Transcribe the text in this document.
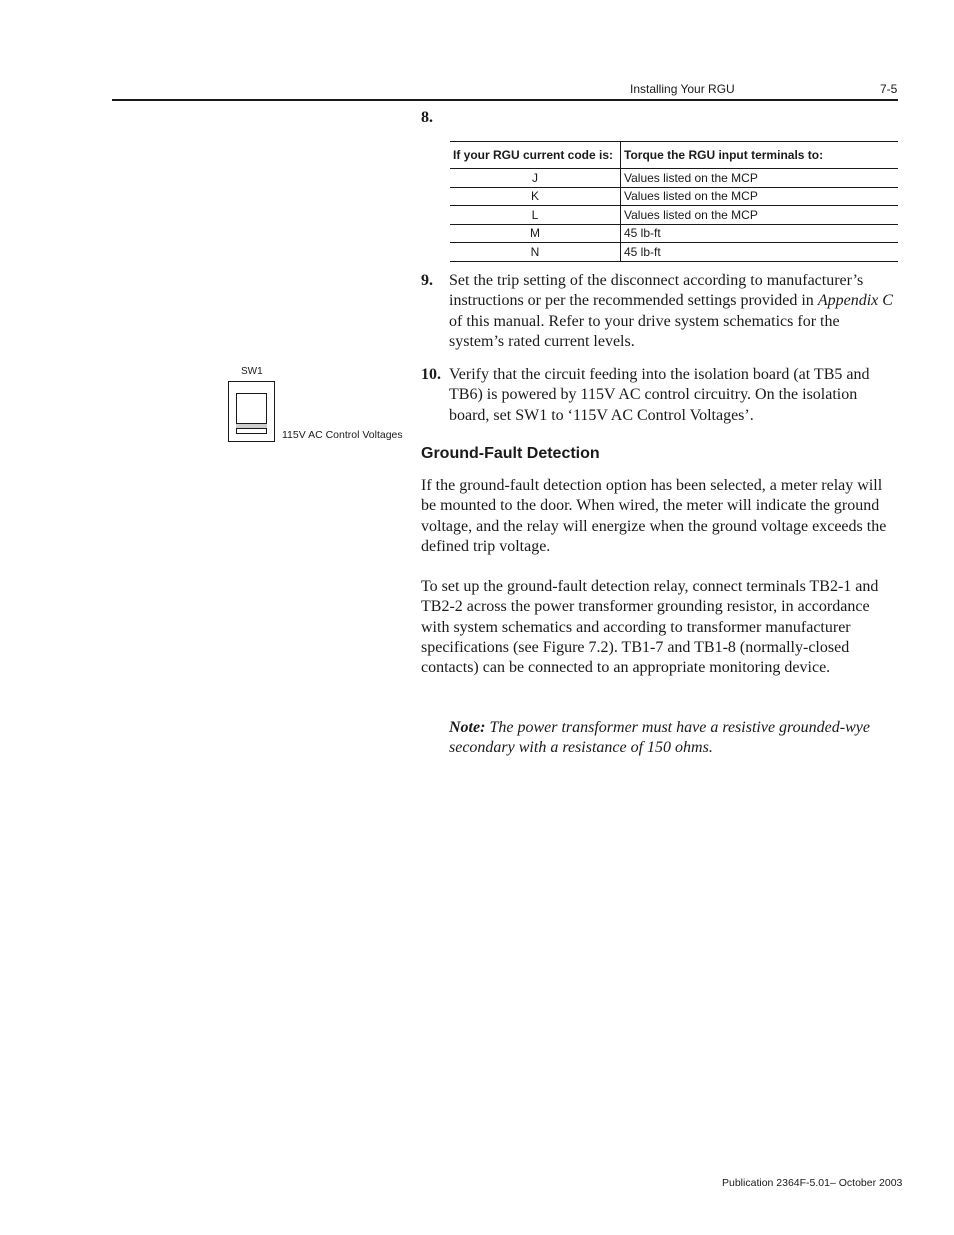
Installing Your RGU	7-5
8.
If your RGU current code is:	Torque the RGU input terminals to:
J	Values listed on the MCP
K	Values listed on the MCP
L	Values listed on the MCP
M	45 lb-ft
N	45 lb-ft
9. Set the trip setting of the disconnect according to manufacturer’s instructions or per the recommended settings provided in Appendix C of this manual. Refer to your drive system schematics for the system’s rated current levels.
SW1
115V AC Control Voltages
10. Verify that the circuit feeding into the isolation board (at TB5 and TB6) is powered by 115V AC control circuitry. On the isolation board, set SW1 to ‘115V AC Control Voltages’.
Ground-Fault Detection
If the ground-fault detection option has been selected, a meter relay will be mounted to the door. When wired, the meter will indicate the ground voltage, and the relay will energize when the ground voltage exceeds the defined trip voltage.
To set up the ground-fault detection relay, connect terminals TB2-1 and TB2-2 across the power transformer grounding resistor, in accordance with system schematics and according to transformer manufacturer specifications (see Figure 7.2). TB1-7 and TB1-8 (normally-closed contacts) can be connected to an appropriate monitoring device.
Note: The power transformer must have a resistive grounded-wye secondary with a resistance of 150 ohms.
Publication 2364F-5.01– October 2003
